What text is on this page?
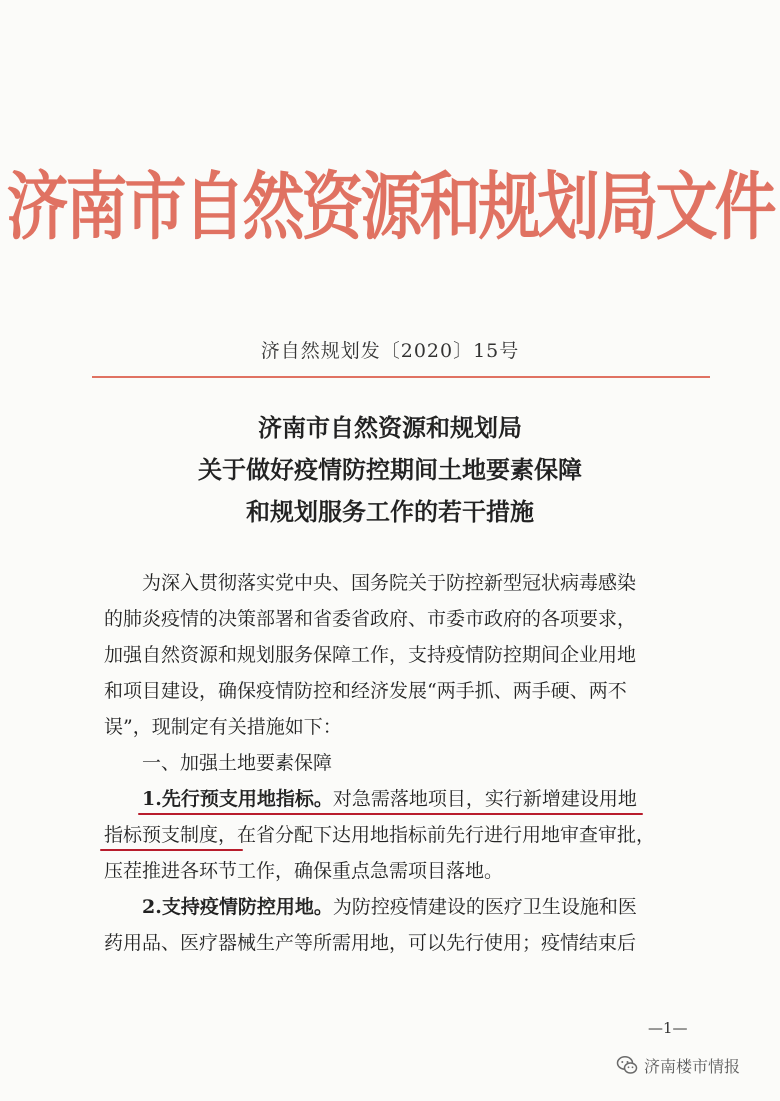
济南市自然资源和规划局文件
济自然规划发〔2020〕15号
济南市自然资源和规划局
关于做好疫情防控期间土地要素保障
和规划服务工作的若干措施
为深入贯彻落实党中央、国务院关于防控新型冠状病毒感染
的肺炎疫情的决策部署和省委省政府、市委市政府的各项要求，
加强自然资源和规划服务保障工作，支持疫情防控期间企业用地
和项目建设，确保疫情防控和经济发展“两手抓、两手硬、两不
误”，现制定有关措施如下：
一、加强土地要素保障
1.先行预支用地指标。对急需落地项目，实行新增建设用地
指标预支制度，在省分配下达用地指标前先行进行用地审查审批，
压茬推进各环节工作，确保重点急需项目落地。
2.支持疫情防控用地。为防控疫情建设的医疗卫生设施和医
药用品、医疗器械生产等所需用地，可以先行使用；疫情结束后
—1—
济南楼市情报
